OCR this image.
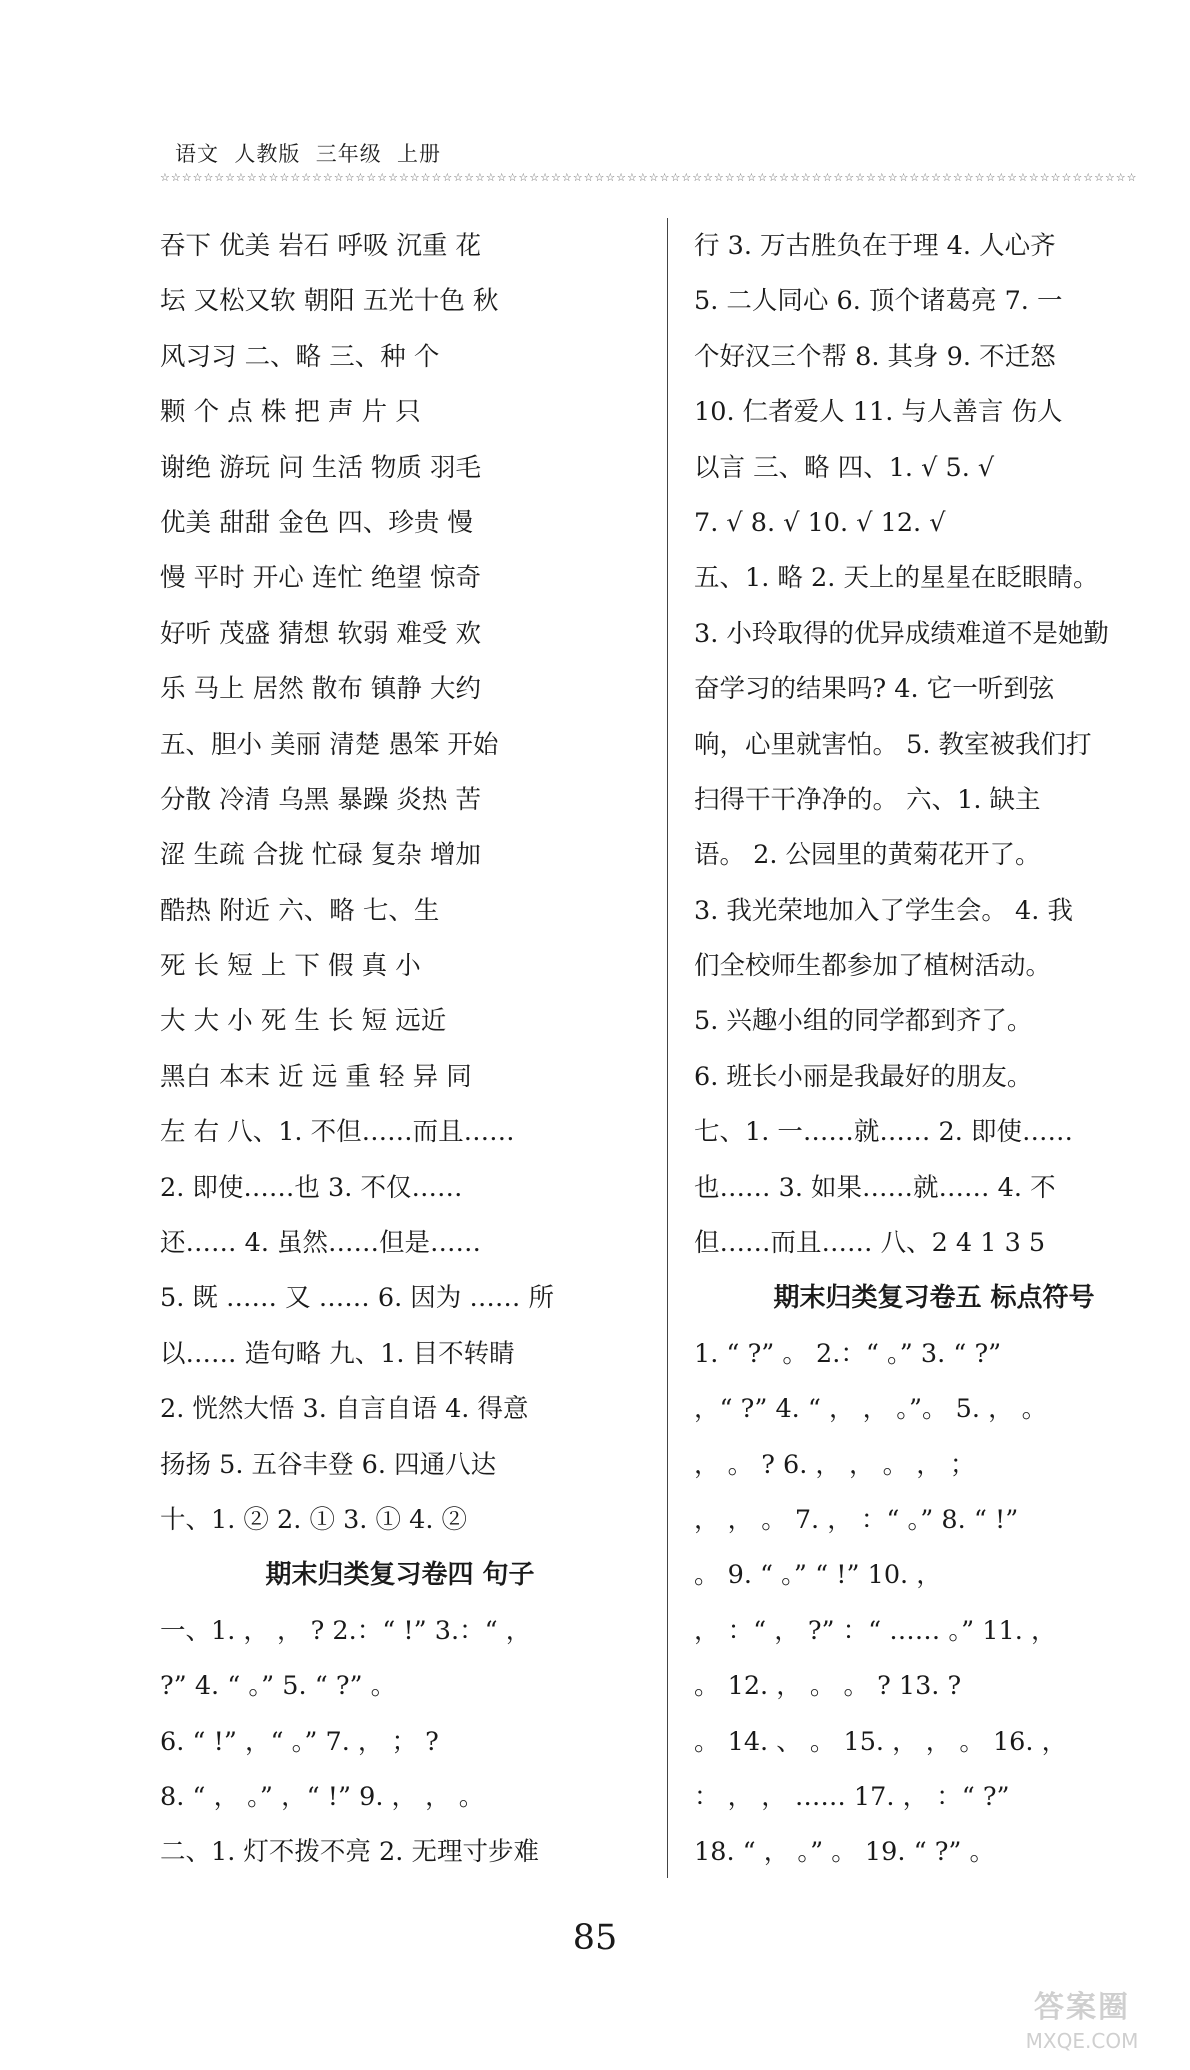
语文  人教版  三年级  上册
☆☆☆☆☆☆☆☆☆☆☆☆☆☆☆☆☆☆☆☆☆☆☆☆☆☆☆☆☆☆☆☆☆☆☆☆☆☆☆☆☆☆☆☆☆☆☆☆☆☆☆☆☆☆☆☆☆☆☆☆☆☆☆☆☆☆☆☆☆☆☆☆☆☆☆☆☆☆☆☆☆☆☆☆☆☆☆☆☆☆
吞下 优美 岩石 呼吸 沉重 花
坛 又松又软 朝阳 五光十色 秋
风习习 二、略 三、种 个
颗 个 点 株 把 声 片 只
谢绝 游玩 问 生活 物质 羽毛
优美 甜甜 金色 四、珍贵 慢
慢 平时 开心 连忙 绝望 惊奇
好听 茂盛 猜想 软弱 难受 欢
乐 马上 居然 散布 镇静 大约
五、胆小 美丽 清楚 愚笨 开始
分散 冷清 乌黑 暴躁 炎热 苦
涩 生疏 合拢 忙碌 复杂 增加
酷热 附近 六、略 七、生
死 长 短 上 下 假 真 小
大 大 小 死 生 长 短 远近
黑白 本末 近 远 重 轻 异 同
左 右 八、1. 不但……而且……
2. 即使……也 3. 不仅……
还…… 4. 虽然……但是……
5. 既 …… 又 …… 6. 因为 …… 所
以…… 造句略 九、1. 目不转睛
2. 恍然大悟 3. 自言自语 4. 得意
扬扬 5. 五谷丰登 6. 四通八达
十、1. ② 2. ① 3. ① 4. ②
期末归类复习卷四 句子
一、1. ， ， ? 2.：“ !” 3.：“ ，
?” 4. “ 。” 5. “ ?” 。
6. “ !” ，“ 。” 7. ， ； ?
8. “ ， 。” ，“ !” 9. ， ， 。
二、1. 灯不拨不亮 2. 无理寸步难
行 3. 万古胜负在于理 4. 人心齐
5. 二人同心 6. 顶个诸葛亮 7. 一
个好汉三个帮 8. 其身 9. 不迁怒
10. 仁者爱人 11. 与人善言 伤人
以言 三、略 四、1. √ 5. √
7. √ 8. √ 10. √ 12. √
五、1. 略 2. 天上的星星在眨眼睛。
3. 小玲取得的优异成绩难道不是她勤
奋学习的结果吗? 4. 它一听到弦
响，心里就害怕。 5. 教室被我们打
扫得干干净净的。 六、1. 缺主
语。 2. 公园里的黄菊花开了。
3. 我光荣地加入了学生会。 4. 我
们全校师生都参加了植树活动。
5. 兴趣小组的同学都到齐了。
6. 班长小丽是我最好的朋友。
七、1. 一……就…… 2. 即使……
也…… 3. 如果……就…… 4. 不
但……而且…… 八、2 4 1 3 5
期末归类复习卷五 标点符号
1. “ ?” 。 2.：“ 。” 3. “ ?”
，“ ?” 4. “ ， ， 。”。 5. ， 。
， 。 ? 6. ， ， 。 ， ；
， ， 。 7. ， ：“ 。” 8. “ !”
。 9. “ 。” “ !” 10. ，
， ：“ ， ?” ：“ …… 。” 11. ，
。 12. ， 。 。 ? 13. ?
。 14. 、 。 15. ， ， 。 16. ，
： ， ， …… 17. ， ：“ ?”
18. “ ， 。” 。 19. “ ?” 。
85
答案圈
MXQE.COM
